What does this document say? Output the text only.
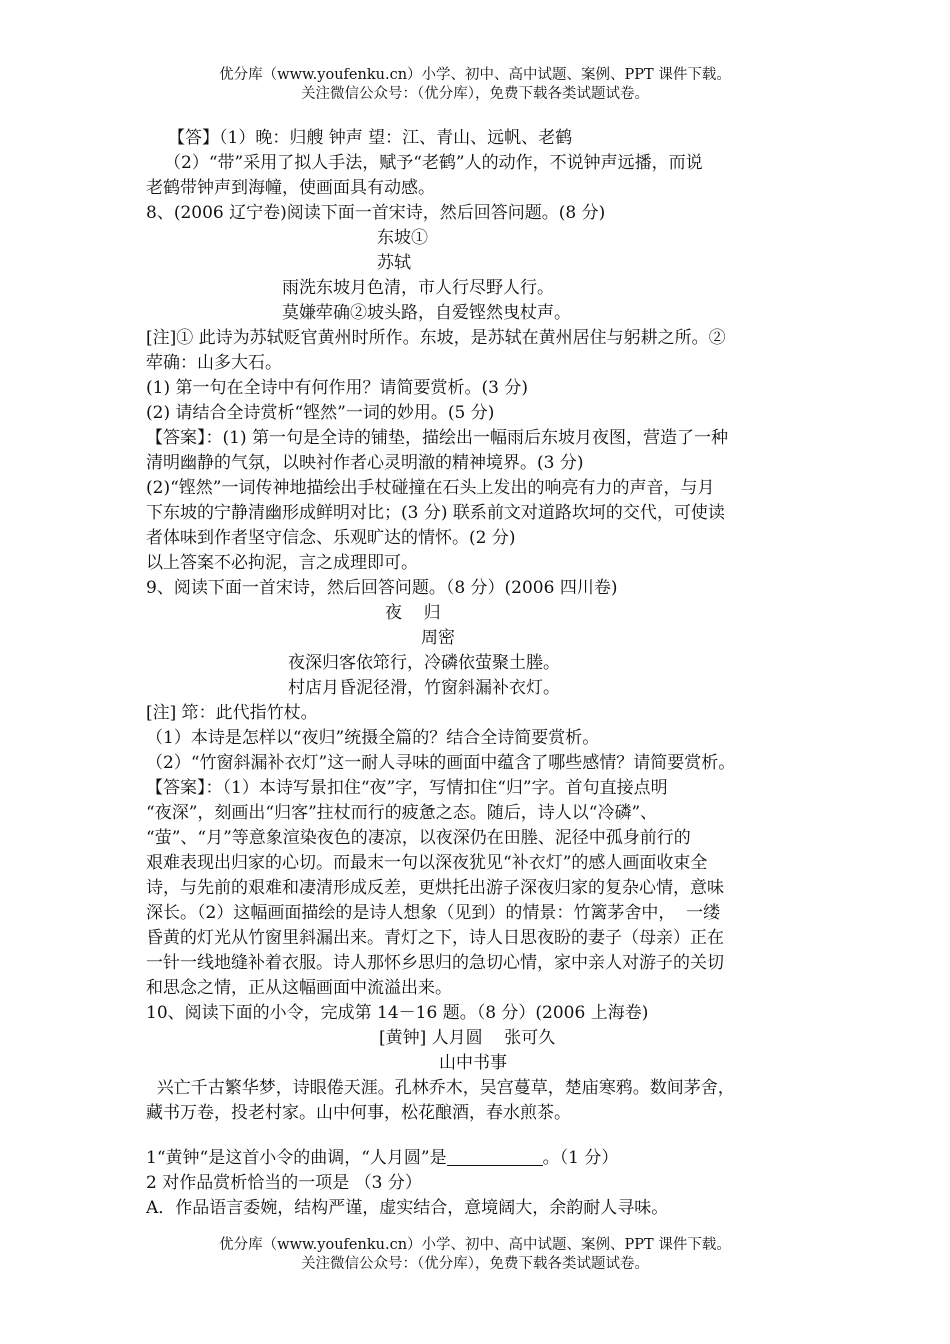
优分库（www.youfenku.cn）小学、初中、高中试题、案例、PPT 课件下载。
关注微信公众号：（优分库），免费下载各类试题试卷。
【答】（1）晚：归艘 钟声 望：江、青山、远帆、老鹤
（2）“带”采用了拟人手法，赋予“老鹤”人的动作，不说钟声远播，而说
老鹤带钟声到海幢，使画面具有动感。
8、(2006 辽宁卷)阅读下面一首宋诗，然后回答问题。(8 分)
东坡①
苏轼
雨洗东坡月色清，市人行尽野人行。
莫嫌荦确②坡头路，自爱铿然曳杖声。
[注]① 此诗为苏轼贬官黄州时所作。东坡，是苏轼在黄州居住与躬耕之所。②
荦确：山多大石。
(1) 第一句在全诗中有何作用？请简要赏析。(3 分)
(2) 请结合全诗赏析“铿然”一词的妙用。(5 分)
【答案】：(1) 第一句是全诗的铺垫，描绘出一幅雨后东坡月夜图，营造了一种
清明幽静的气氛，以映衬作者心灵明澈的精神境界。(3 分)
(2)“铿然”一词传神地描绘出手杖碰撞在石头上发出的响亮有力的声音，与月
下东坡的宁静清幽形成鲜明对比；(3 分) 联系前文对道路坎坷的交代，可使读
者体味到作者坚守信念、乐观旷达的情怀。(2 分)
以上答案不必拘泥，言之成理即可。
9、阅读下面一首宋诗，然后回答问题。（8 分）(2006 四川卷)
夜    归
周密
夜深归客依筇行，冷磷依萤聚土塍。
村店月昏泥径滑，竹窗斜漏补衣灯。
[注] 筇：此代指竹杖。
（1）本诗是怎样以“夜归”统摄全篇的？结合全诗简要赏析。
（2）“竹窗斜漏补衣灯”这一耐人寻味的画面中蕴含了哪些感情？请简要赏析。
【答案】：（1）本诗写景扣住“夜”字，写情扣住“归”字。首句直接点明
“夜深”，刻画出“归客”拄杖而行的疲惫之态。随后，诗人以“冷磷”、
“萤”、“月”等意象渲染夜色的凄凉，以夜深仍在田塍、泥径中孤身前行的
艰难表现出归家的心切。而最末一句以深夜犹见“补衣灯”的感人画面收束全
诗，与先前的艰难和凄清形成反差，更烘托出游子深夜归家的复杂心情，意味
深长。（2）这幅画面描绘的是诗人想象（见到）的情景：竹篱茅舍中，  一缕
昏黄的灯光从竹窗里斜漏出来。青灯之下，诗人日思夜盼的妻子（母亲）正在
一针一线地缝补着衣服。诗人那怀乡思归的急切心情，家中亲人对游子的关切
和思念之情，正从这幅画面中流溢出来。
10、阅读下面的小令，完成第 14－16 题。（8 分）(2006 上海卷)
[黄钟] 人月圆    张可久
山中书事
兴亡千古繁华梦，诗眼倦天涯。孔林乔木，吴宫蔓草，楚庙寒鸦。数间茅舍，
藏书万卷，投老村家。山中何事，松花酿酒，春水煎茶。
1“黄钟“是这首小令的曲调，“人月圆”是	。（1 分）
2 对作品赏析恰当的一项是 （3 分）
A．作品语言委婉，结构严谨，虚实结合，意境阔大，余韵耐人寻味。
优分库（www.youfenku.cn）小学、初中、高中试题、案例、PPT 课件下载。
关注微信公众号：（优分库），免费下载各类试题试卷。
